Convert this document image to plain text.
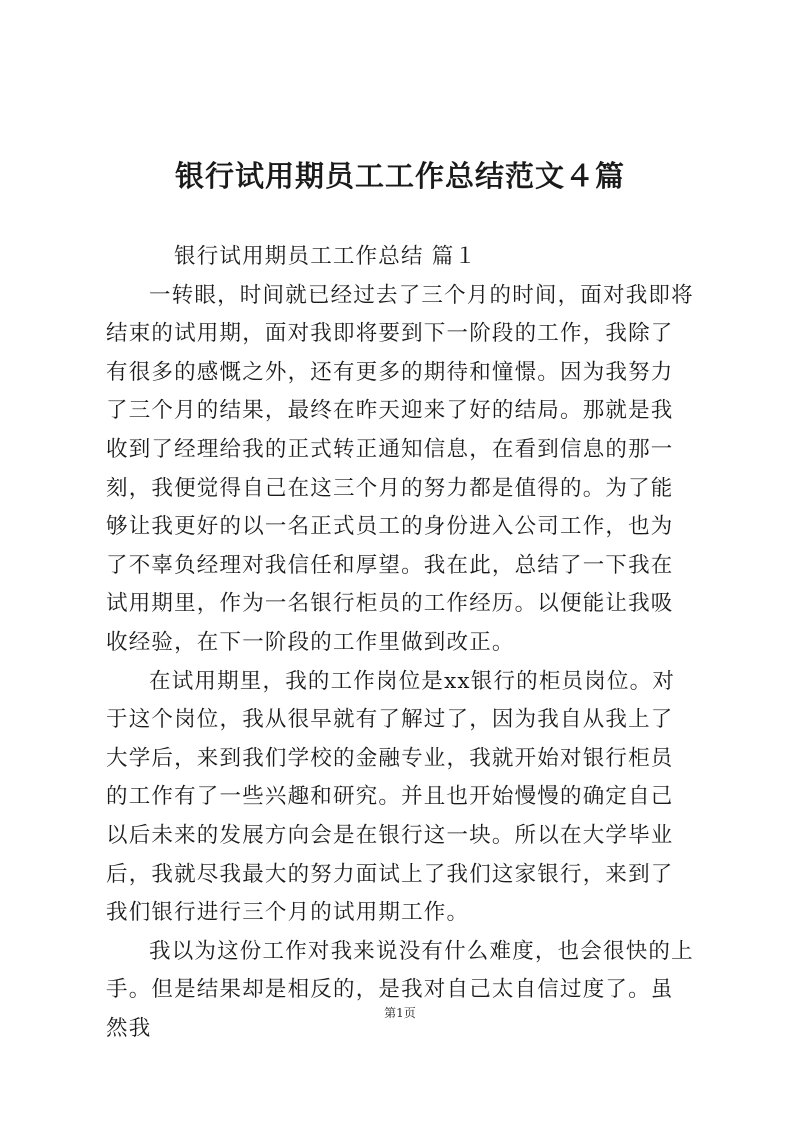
银行试用期员工工作总结范文４篇

银行试用期员工工作总结 篇１

一转眼，时间就已经过去了三个月的时间，面对我即将结束的试用期，面对我即将要到下一阶段的工作，我除了有很多的感慨之外，还有更多的期待和憧憬。因为我努力了三个月的结果，最终在昨天迎来了好的结局。那就是我收到了经理给我的正式转正通知信息，在看到信息的那一刻，我便觉得自己在这三个月的努力都是值得的。为了能够让我更好的以一名正式员工的身份进入公司工作，也为了不辜负经理对我信任和厚望。我在此，总结了一下我在试用期里，作为一名银行柜员的工作经历。以便能让我吸收经验，在下一阶段的工作里做到改正。

在试用期里，我的工作岗位是xx银行的柜员岗位。对于这个岗位，我从很早就有了解过了，因为我自从我上了大学后，来到我们学校的金融专业，我就开始对银行柜员的工作有了一些兴趣和研究。并且也开始慢慢的确定自己以后未来的发展方向会是在银行这一块。所以在大学毕业后，我就尽我最大的努力面试上了我们这家银行，来到了我们银行进行三个月的试用期工作。

我以为这份工作对我来说没有什么难度，也会很快的上手。但是结果却是相反的，是我对自己太自信过度了。虽然我

第1页
